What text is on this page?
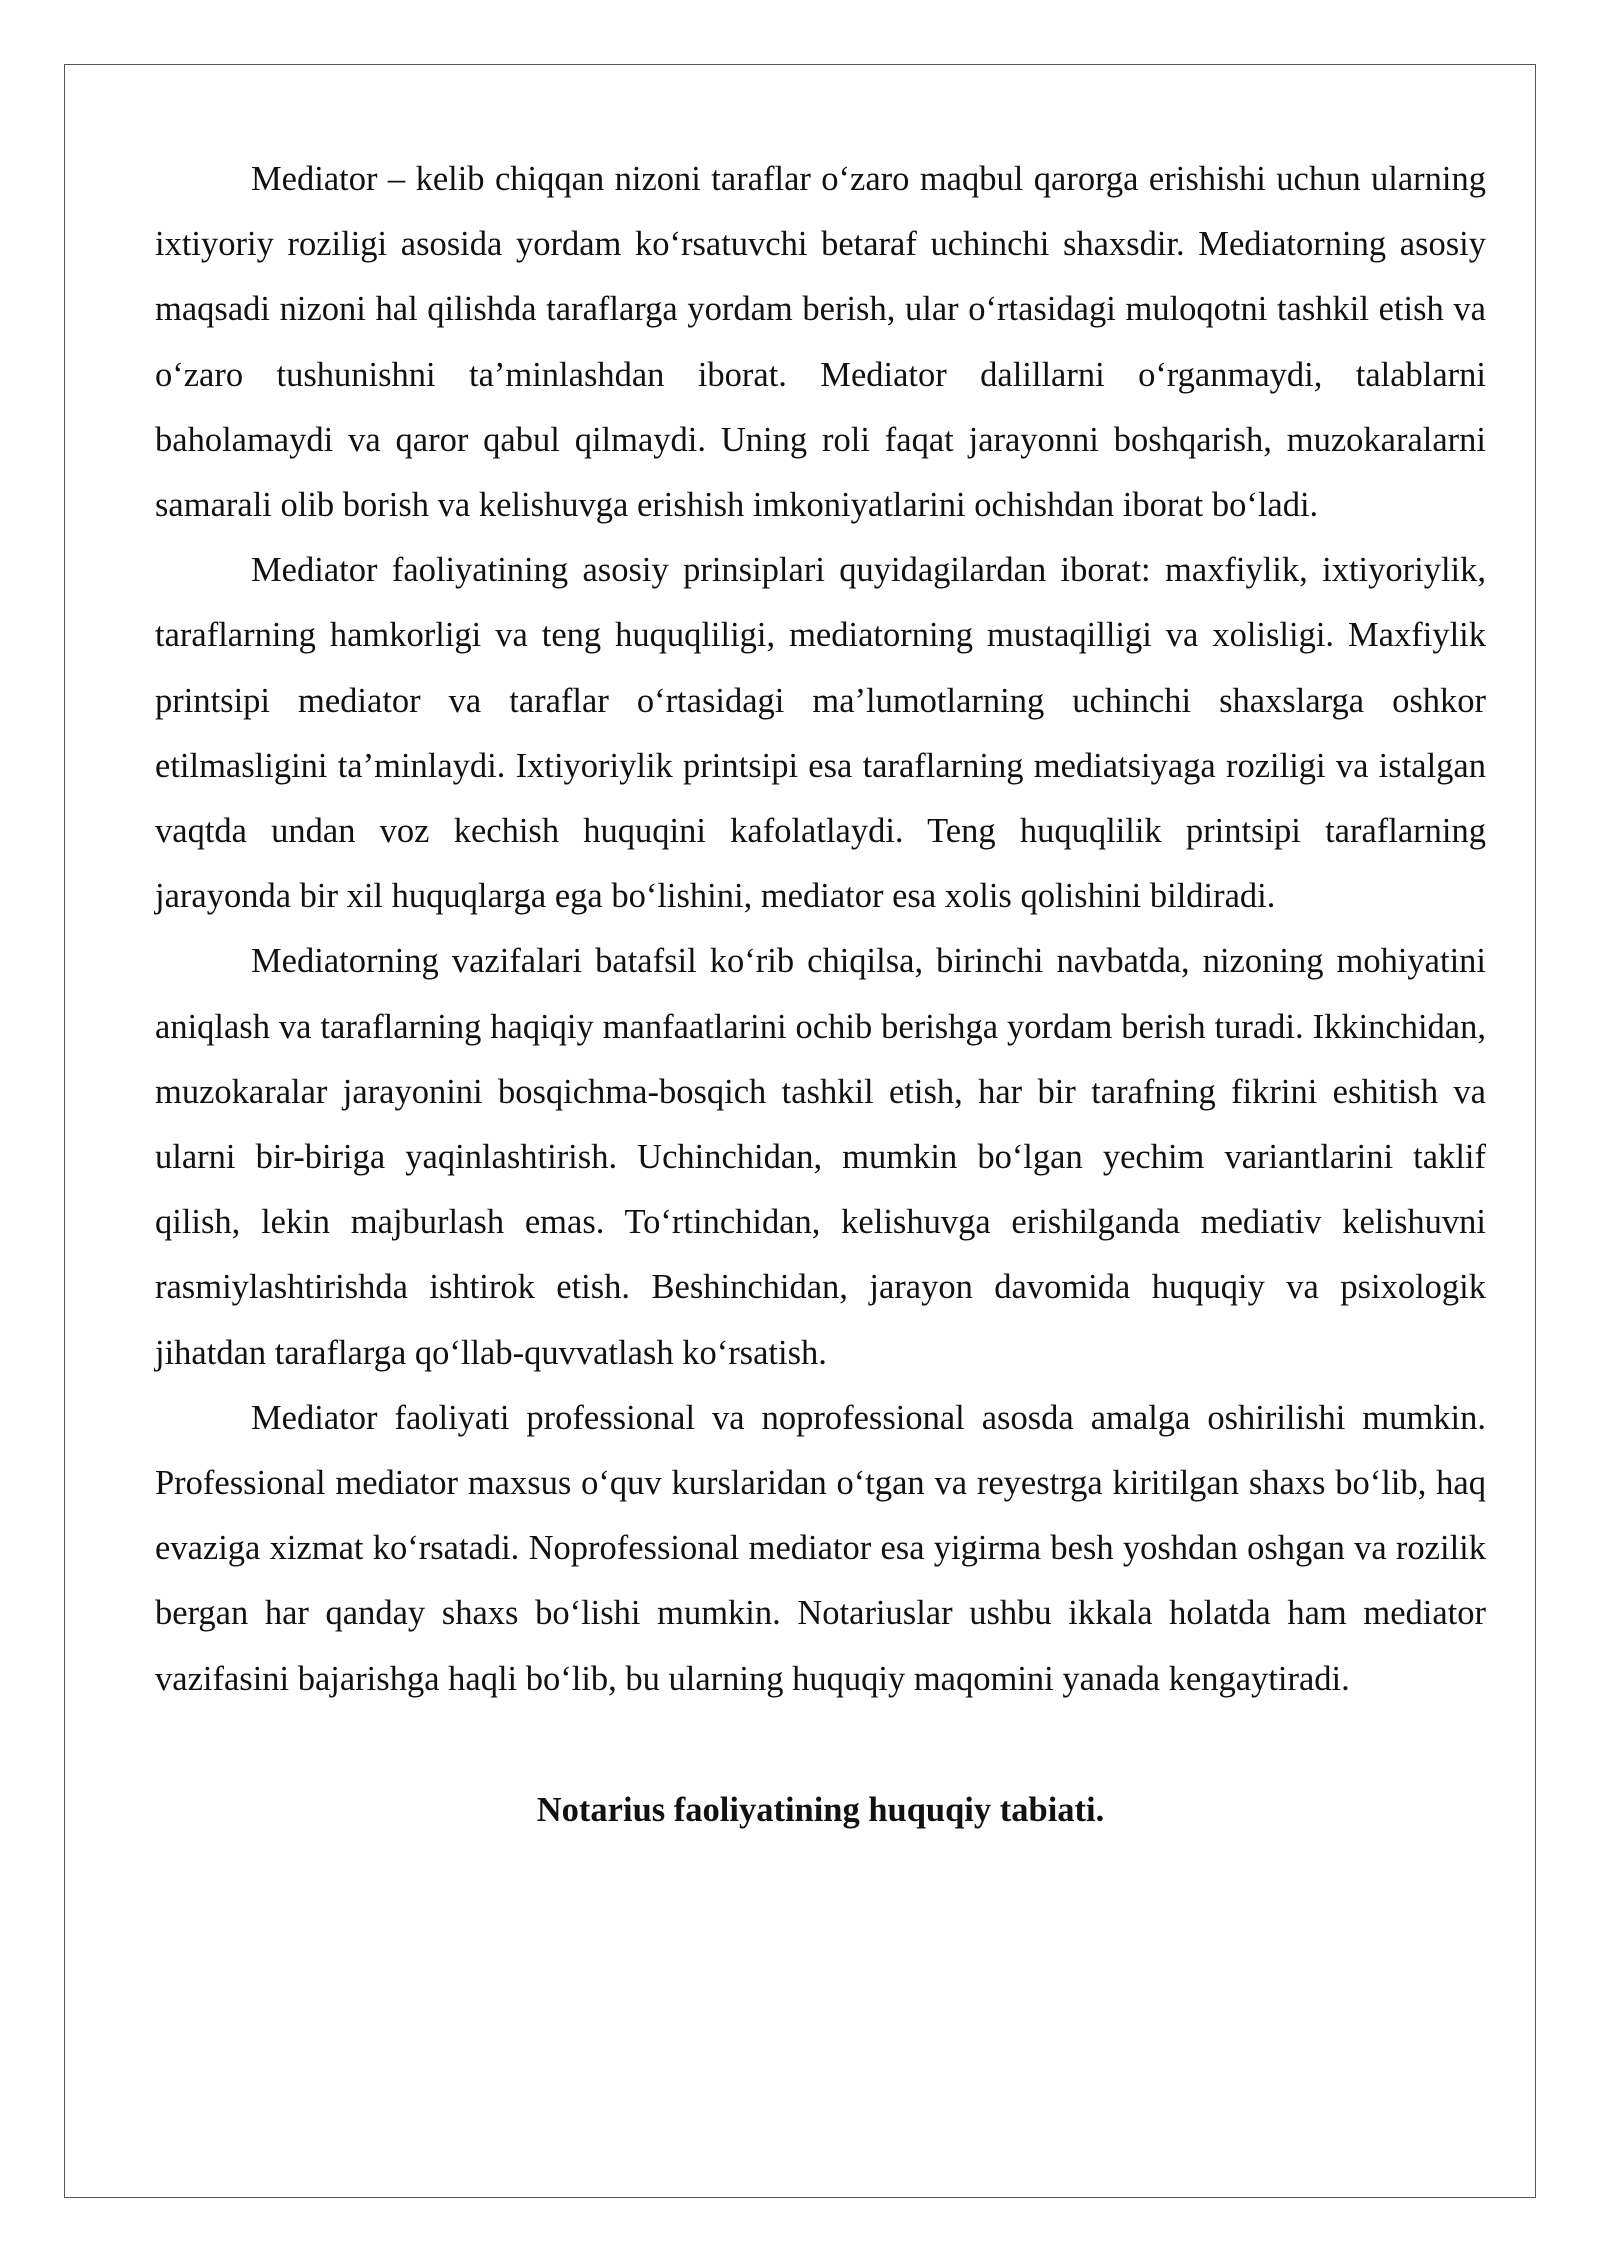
Mediator – kelib chiqqan nizoni taraflar o‘zaro maqbul qarorga erishishi uchun ularning ixtiyoriy roziligi asosida yordam ko‘rsatuvchi betaraf uchinchi shaxsdir. Mediatorning asosiy maqsadi nizoni hal qilishda taraflarga yordam berish, ular o‘rtasidagi muloqotni tashkil etish va o‘zaro tushunishni ta’minlashdan iborat. Mediator dalillarni o‘rganmaydi, talablarni baholamaydi va qaror qabul qilmaydi. Uning roli faqat jarayonni boshqarish, muzokaralarni samarali olib borish va kelishuvga erishish imkoniyatlarini ochishdan iborat bo‘ladi.

Mediator faoliyatining asosiy prinsiplari quyidagilardan iborat: maxfiylik, ixtiyoriylik, taraflarning hamkorligi va teng huquqliligi, mediatorning mustaqilligi va xolisligi. Maxfiylik printsipi mediator va taraflar o‘rtasidagi ma’lumotlarning uchinchi shaxslarga oshkor etilmasligini ta’minlaydi. Ixtiyoriylik printsipi esa taraflarning mediatsiyaga roziligi va istalgan vaqtda undan voz kechish huquqini kafolatlaydi. Teng huquqlilik printsipi taraflarning jarayonda bir xil huquqlarga ega bo‘lishini, mediator esa xolis qolishini bildiradi.

Mediatorning vazifalari batafsil ko‘rib chiqilsa, birinchi navbatda, nizoning mohiyatini aniqlash va taraflarning haqiqiy manfaatlarini ochib berishga yordam berish turadi. Ikkinchidan, muzokaralar jarayonini bosqichma-bosqich tashkil etish, har bir tarafning fikrini eshitish va ularni bir-biriga yaqinlashtirish. Uchinchidan, mumkin bo‘lgan yechim variantlarini taklif qilish, lekin majburlash emas. To‘rtinchidan, kelishuvga erishilganda mediativ kelishuvni rasmiylashtirishda ishtirok etish. Beshinchidan, jarayon davomida huquqiy va psixologik jihatdan taraflarga qo‘llab-quvvatlash ko‘rsatish.

Mediator faoliyati professional va noprofessional asosda amalga oshirilishi mumkin. Professional mediator maxsus o‘quv kurslaridan o‘tgan va reyestrga kiritilgan shaxs bo‘lib, haq evaziga xizmat ko‘rsatadi. Noprofessional mediator esa yigirma besh yoshdan oshgan va rozilik bergan har qanday shaxs bo‘lishi mumkin. Notariuslar ushbu ikkala holatda ham mediator vazifasini bajarishga haqli bo‘lib, bu ularning huquqiy maqomini yanada kengaytiradi.

Notarius faoliyatining huquqiy tabiati.
